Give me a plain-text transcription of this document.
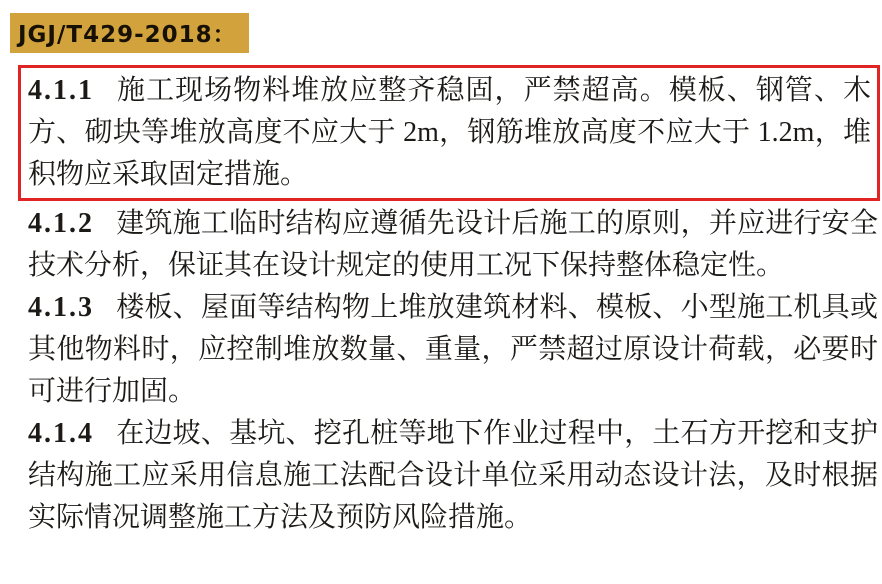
JGJ/T429-2018：

4.1.1 施工现场物料堆放应整齐稳固，严禁超高。模板、钢管、木方、砌块等堆放高度不应大于 2m，钢筋堆放高度不应大于 1.2m，堆积物应采取固定措施。

4.1.2 建筑施工临时结构应遵循先设计后施工的原则，并应进行安全技术分析，保证其在设计规定的使用工况下保持整体稳定性。

4.1.3 楼板、屋面等结构物上堆放建筑材料、模板、小型施工机具或其他物料时，应控制堆放数量、重量，严禁超过原设计荷载，必要时可进行加固。

4.1.4 在边坡、基坑、挖孔桩等地下作业过程中，土石方开挖和支护结构施工应采用信息施工法配合设计单位采用动态设计法，及时根据实际情况调整施工方法及预防风险措施。
